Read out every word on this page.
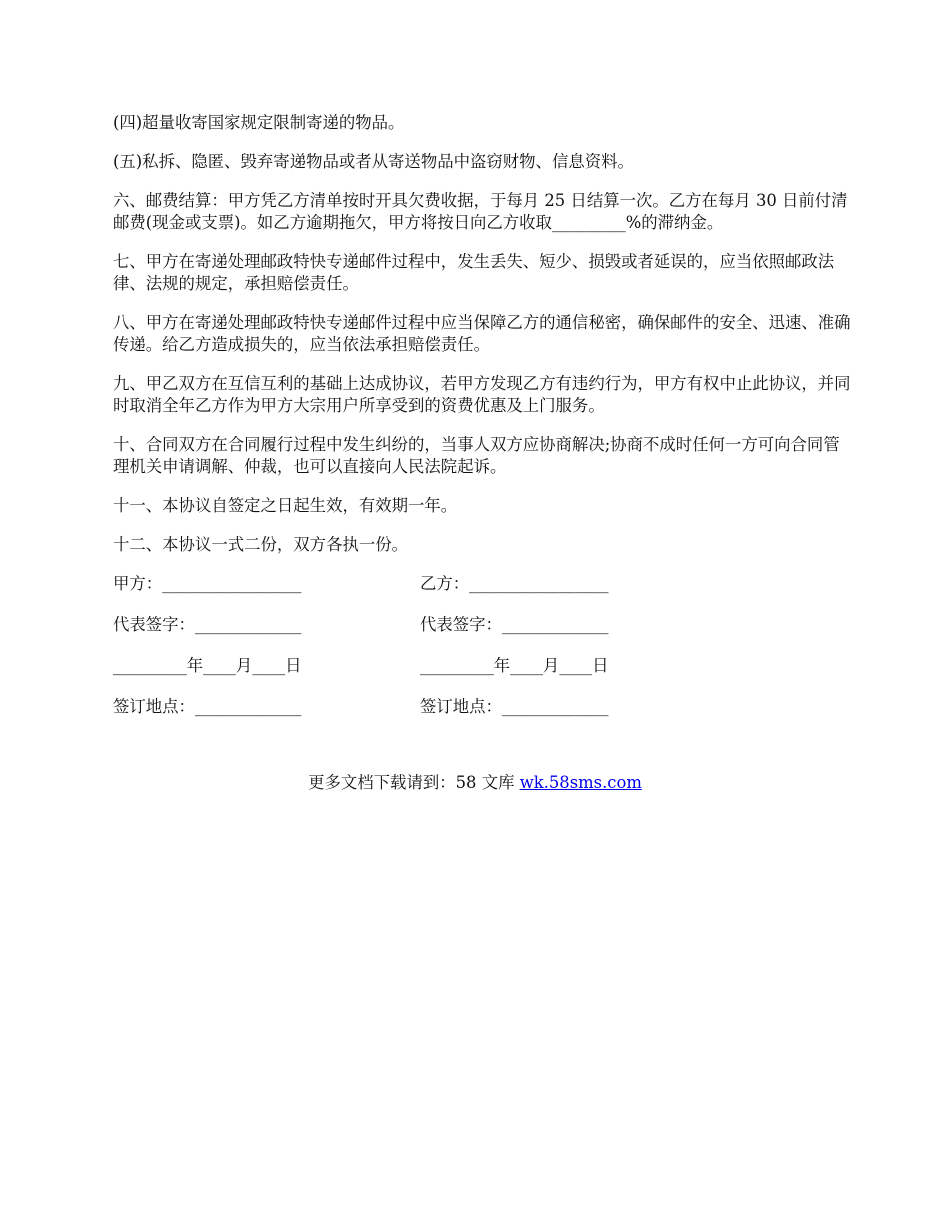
(四)超量收寄国家规定限制寄递的物品。

(五)私拆、隐匿、毁弃寄递物品或者从寄送物品中盗窃财物、信息资料。

六、邮费结算：甲方凭乙方清单按时开具欠费收据，于每月 25 日结算一次。乙方在每月 30 日前付清邮费(现金或支票)。如乙方逾期拖欠，甲方将按日向乙方收取_________%的滞纳金。

七、甲方在寄递处理邮政特快专递邮件过程中，发生丢失、短少、损毁或者延误的，应当依照邮政法律、法规的规定，承担赔偿责任。

八、甲方在寄递处理邮政特快专递邮件过程中应当保障乙方的通信秘密，确保邮件的安全、迅速、准确传递。给乙方造成损失的，应当依法承担赔偿责任。

九、甲乙双方在互信互利的基础上达成协议，若甲方发现乙方有违约行为，甲方有权中止此协议，并同时取消全年乙方作为甲方大宗用户所享受到的资费优惠及上门服务。

十、合同双方在合同履行过程中发生纠纷的，当事人双方应协商解决;协商不成时任何一方可向合同管理机关申请调解、仲裁，也可以直接向人民法院起诉。

十一、本协议自签定之日起生效，有效期一年。

十二、本协议一式二份，双方各执一份。

甲方：_________________	乙方：_________________
代表签字：_____________	代表签字：_____________
_________年____月____日	_________年____月____日
签订地点：_____________	签订地点：_____________
更多文档下载请到：58 文库 wk.58sms.com
